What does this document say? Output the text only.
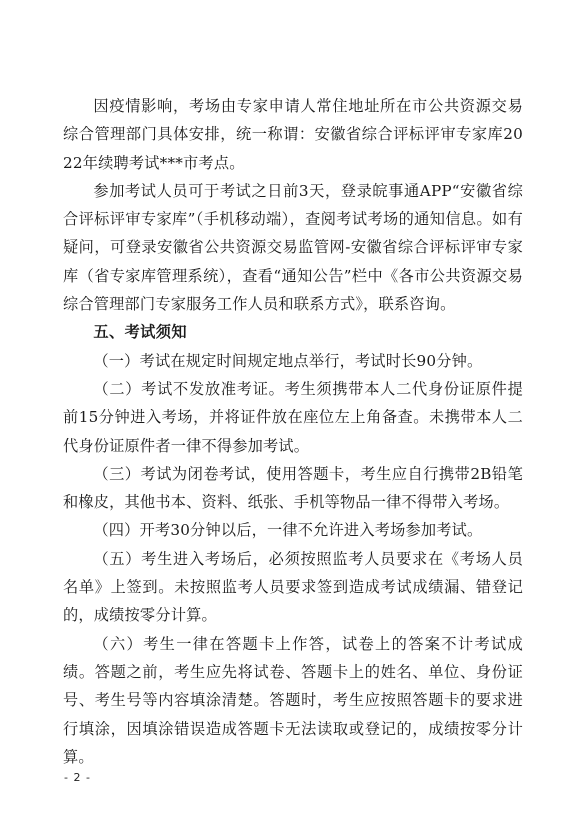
因疫情影响，考场由专家申请人常住地址所在市公共资源交易综合管理部门具体安排，统一称谓：安徽省综合评标评审专家库2022年续聘考试***市考点。

参加考试人员可于考试之日前3天，登录皖事通APP“安徽省综合评标评审专家库”（手机移动端），查阅考试考场的通知信息。如有疑问，可登录安徽省公共资源交易监管网-安徽省综合评标评审专家库（省专家库管理系统），查看“通知公告”栏中《各市公共资源交易综合管理部门专家服务工作人员和联系方式》，联系咨询。

五、考试须知

（一）考试在规定时间规定地点举行，考试时长90分钟。

（二）考试不发放准考证。考生须携带本人二代身份证原件提前15分钟进入考场，并将证件放在座位左上角备查。未携带本人二代身份证原件者一律不得参加考试。

（三）考试为闭卷考试，使用答题卡，考生应自行携带2B铅笔和橡皮，其他书本、资料、纸张、手机等物品一律不得带入考场。

（四）开考30分钟以后，一律不允许进入考场参加考试。

（五）考生进入考场后，必须按照监考人员要求在《考场人员名单》上签到。未按照监考人员要求签到造成考试成绩漏、错登记的，成绩按零分计算。

（六）考生一律在答题卡上作答，试卷上的答案不计考试成绩。答题之前，考生应先将试卷、答题卡上的姓名、单位、身份证号、考生号等内容填涂清楚。答题时，考生应按照答题卡的要求进行填涂，因填涂错误造成答题卡无法读取或登记的，成绩按零分计算。

- 2 -
